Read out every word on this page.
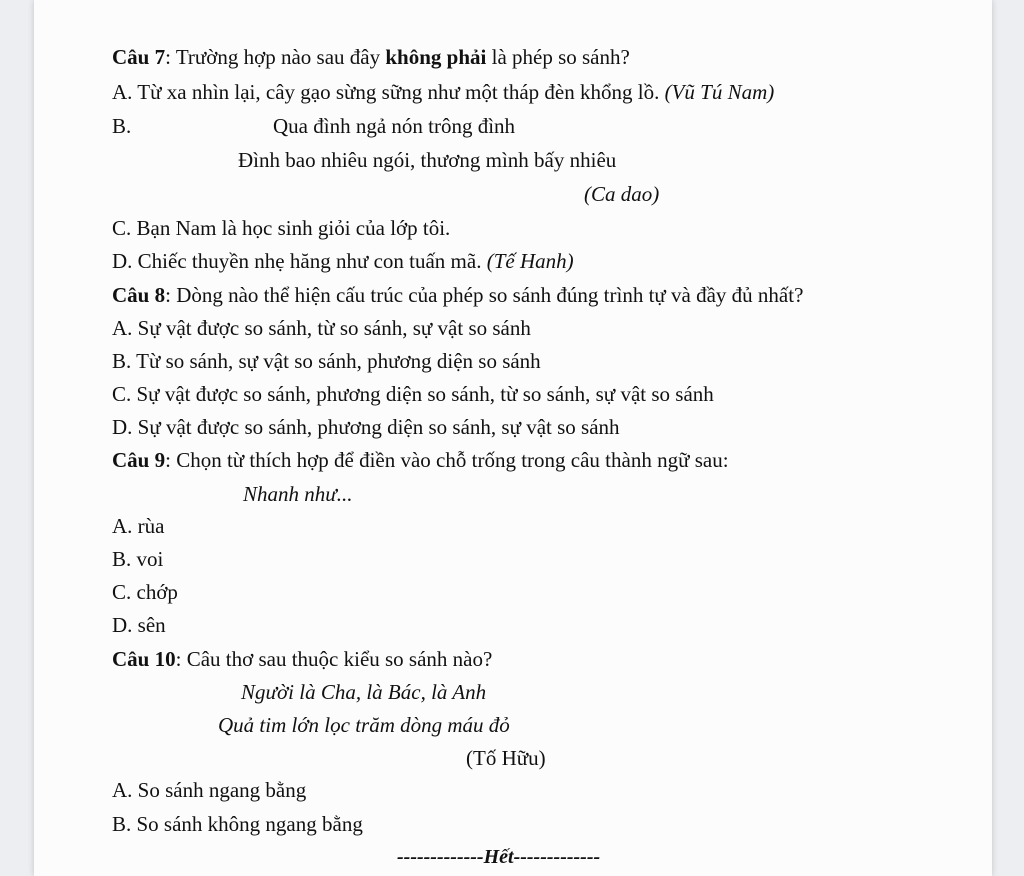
Câu 7: Trường hợp nào sau đây không phải là phép so sánh?
A. Từ xa nhìn lại, cây gạo sừng sững như một tháp đèn khổng lồ. (Vũ Tú Nam)
B.	Qua đình ngả nón trông đình
Đình bao nhiêu ngói, thương mình bấy nhiêu
(Ca dao)
C. Bạn Nam là học sinh giỏi của lớp tôi.
D. Chiếc thuyền nhẹ hăng như con tuấn mã. (Tế Hanh)
Câu 8: Dòng nào thể hiện cấu trúc của phép so sánh đúng trình tự và đầy đủ nhất?
A. Sự vật được so sánh, từ so sánh, sự vật so sánh
B. Từ so sánh, sự vật so sánh, phương diện so sánh
C. Sự vật được so sánh, phương diện so sánh, từ so sánh, sự vật so sánh
D. Sự vật được so sánh, phương diện so sánh, sự vật so sánh
Câu 9: Chọn từ thích hợp để điền vào chỗ trống trong câu thành ngữ sau:
Nhanh như...
A. rùa
B. voi
C. chớp
D. sên
Câu 10: Câu thơ sau thuộc kiểu so sánh nào?
Người là Cha, là Bác, là Anh
Quả tim lớn lọc trăm dòng máu đỏ
(Tố Hữu)
A. So sánh ngang bằng
B. So sánh không ngang bằng
-------------Hết-------------
